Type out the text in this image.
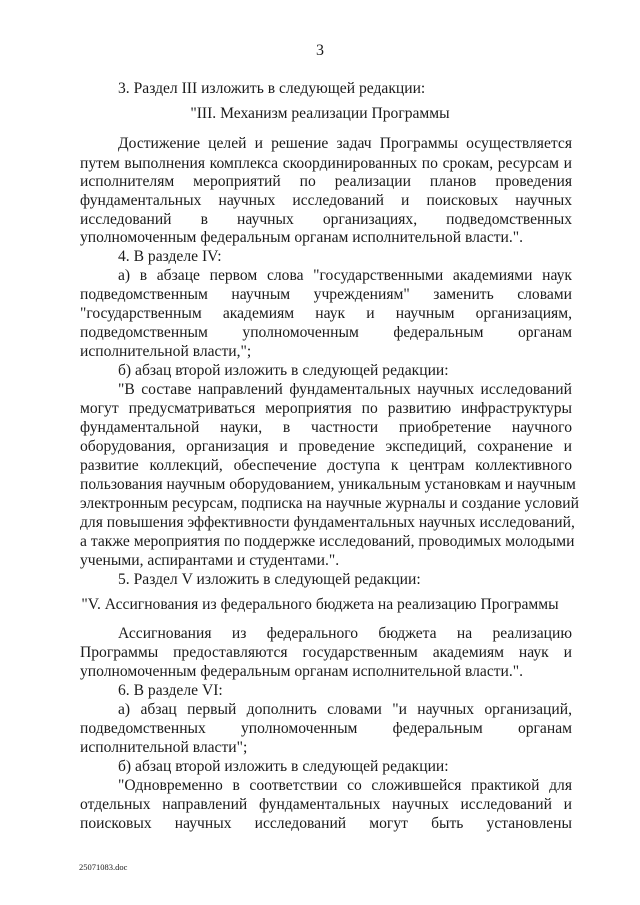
3
3. Раздел III изложить в следующей редакции:
"III. Механизм реализации Программы
Достижение целей и решение задач Программы осуществляется
путем выполнения комплекса скоординированных по срокам, ресурсам и
исполнителям мероприятий по реализации планов проведения
фундаментальных научных исследований и поисковых научных
исследований в научных организациях, подведомственных
уполномоченным федеральным органам исполнительной власти.".
4. В разделе IV:
а) в абзаце первом слова "государственными академиями наук
подведомственным научным учреждениям" заменить словами
"государственным академиям наук и научным организациям,
подведомственным уполномоченным федеральным органам
исполнительной власти,";
б) абзац второй изложить в следующей редакции:
"В составе направлений фундаментальных научных исследований
могут предусматриваться мероприятия по развитию инфраструктуры
фундаментальной науки, в частности приобретение научного
оборудования, организация и проведение экспедиций, сохранение и
развитие коллекций, обеспечение доступа к центрам коллективного
пользования научным оборудованием, уникальным установкам и научным
электронным ресурсам, подписка на научные журналы и создание условий
для повышения эффективности фундаментальных научных исследований,
а также мероприятия по поддержке исследований, проводимых молодыми
учеными, аспирантами и студентами.".
5. Раздел V изложить в следующей редакции:
"V. Ассигнования из федерального бюджета на реализацию Программы
Ассигнования из федерального бюджета на реализацию
Программы предоставляются государственным академиям наук и
уполномоченным федеральным органам исполнительной власти.".
6. В разделе VI:
а) абзац первый дополнить словами "и научных организаций,
подведомственных уполномоченным федеральным органам
исполнительной власти";
б) абзац второй изложить в следующей редакции:
"Одновременно в соответствии со сложившейся практикой для
отдельных направлений фундаментальных научных исследований и
поисковых научных исследований могут быть установлены
25071083.doc
